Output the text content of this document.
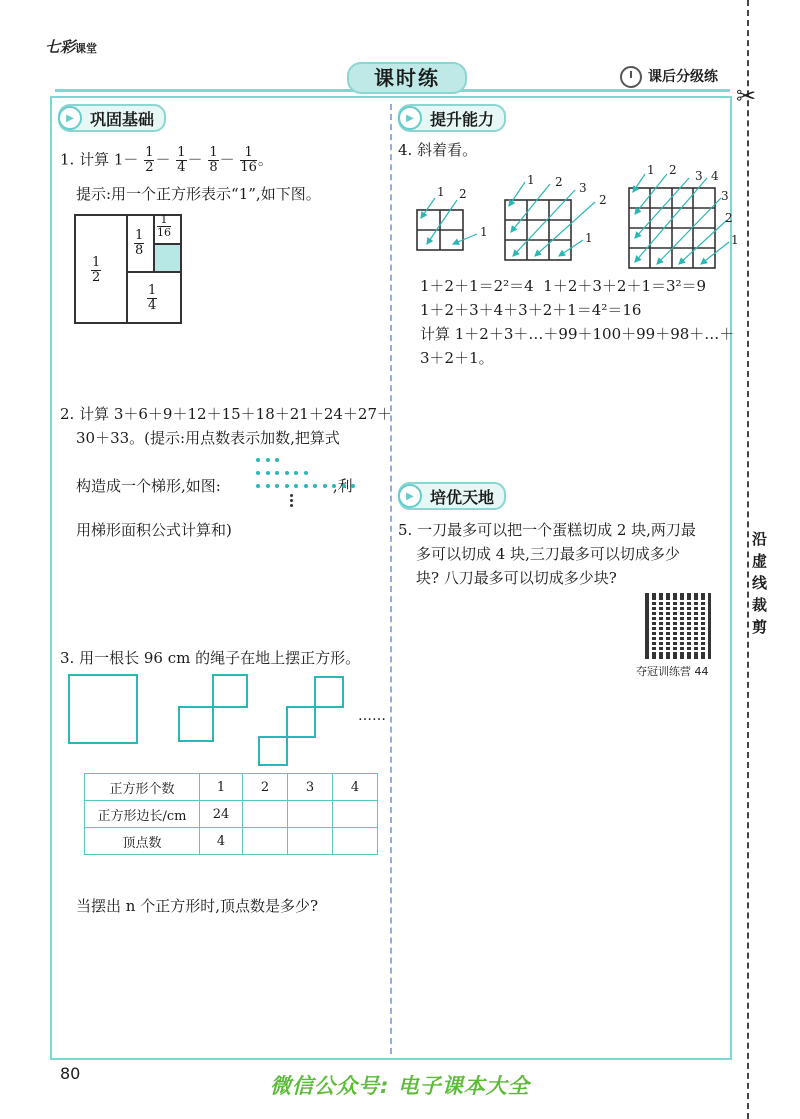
七彩课堂
课时练	课后分级练
✂
沿虚线裁剪
▶	巩固基础
1. 计算 $1- \frac{1}{2} - \frac{1}{4} - \frac{1}{8} - \frac{1}{16}$ 。
提示:用一个正方形表示“1”,如下图。
$\frac{1}{2}$
$\frac{1}{8}$
$\frac{1}{16}$
$\frac{1}{4}$
2. 计算 3＋6＋9＋12＋15＋18＋21＋24＋27＋
30＋33。(提示:用点数表示加数,把算式
构造成一个梯形,如图:
用梯形面积公式计算和)
3. 用一根长 96 cm 的绳子在地上摆正方形。
……
正方形个数	1	2	3	4
正方形边长/cm	24			
顶点数	4			
当摆出 n 个正方形时,顶点数是多少?
▶	提升能力
4. 斜着看。
1 2
1
1 2 3
2
1
1 2 3 4
3
2
1
1＋2＋1＝2²＝4 1＋2＋3＋2＋1＝3²＝9
1＋2＋3＋4＋3＋2＋1＝4²＝16
计算 1＋2＋3＋…＋99＋100＋99＋98＋…＋
3＋2＋1。
▶	培优天地
5. 一刀最多可以把一个蛋糕切成 2 块,两刀最
多可以切成 4 块,三刀最多可以切成多少
块? 八刀最多可以切成多少块?
夺冠训练营 44
80
微信公众号: 电子课本大全
